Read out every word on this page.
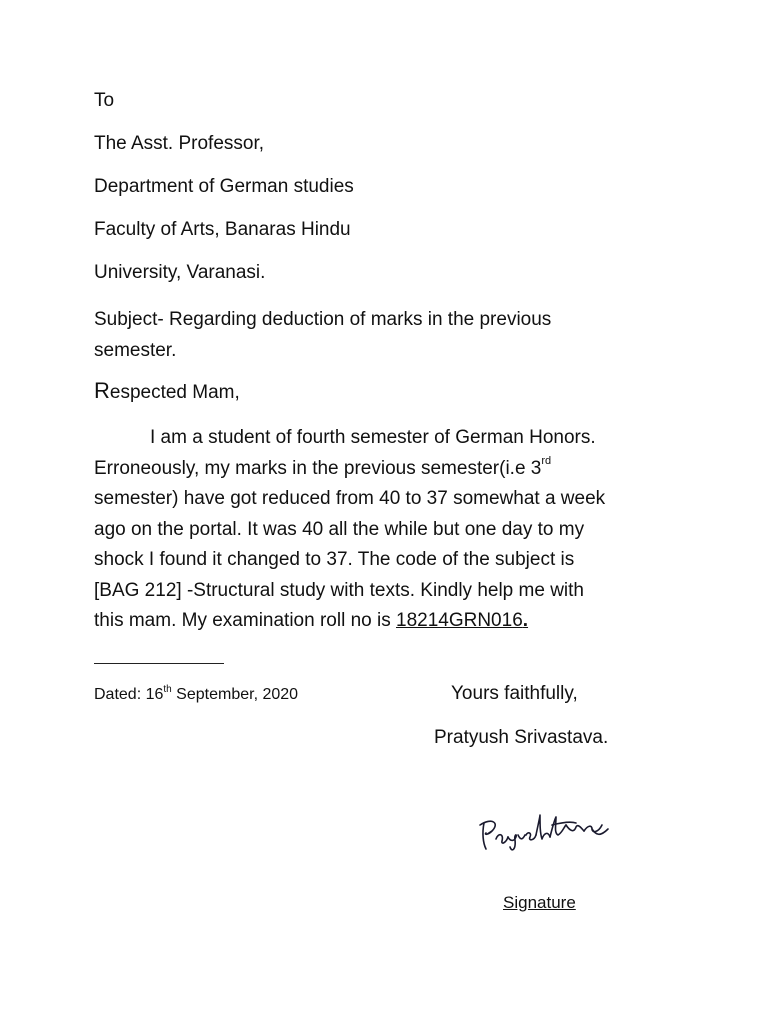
To
The Asst. Professor,
Department of German studies
Faculty of Arts, Banaras Hindu
University, Varanasi.
Subject- Regarding deduction of marks in the previous
semester.
Respected Mam,
I am a student of fourth semester of German Honors.
Erroneously, my marks in the previous semester(i.e 3rd
semester) have got reduced from 40 to 37 somewhat a week
ago on the portal. It was 40 all the while but one day to my
shock I found it changed to 37. The code of the subject is
[BAG 212] -Structural study with texts. Kindly help me with
this mam. My examination roll no is 18214GRN016.
Dated: 16th September, 2020	Yours faithfully,
Pratyush Srivastava.
Signature
